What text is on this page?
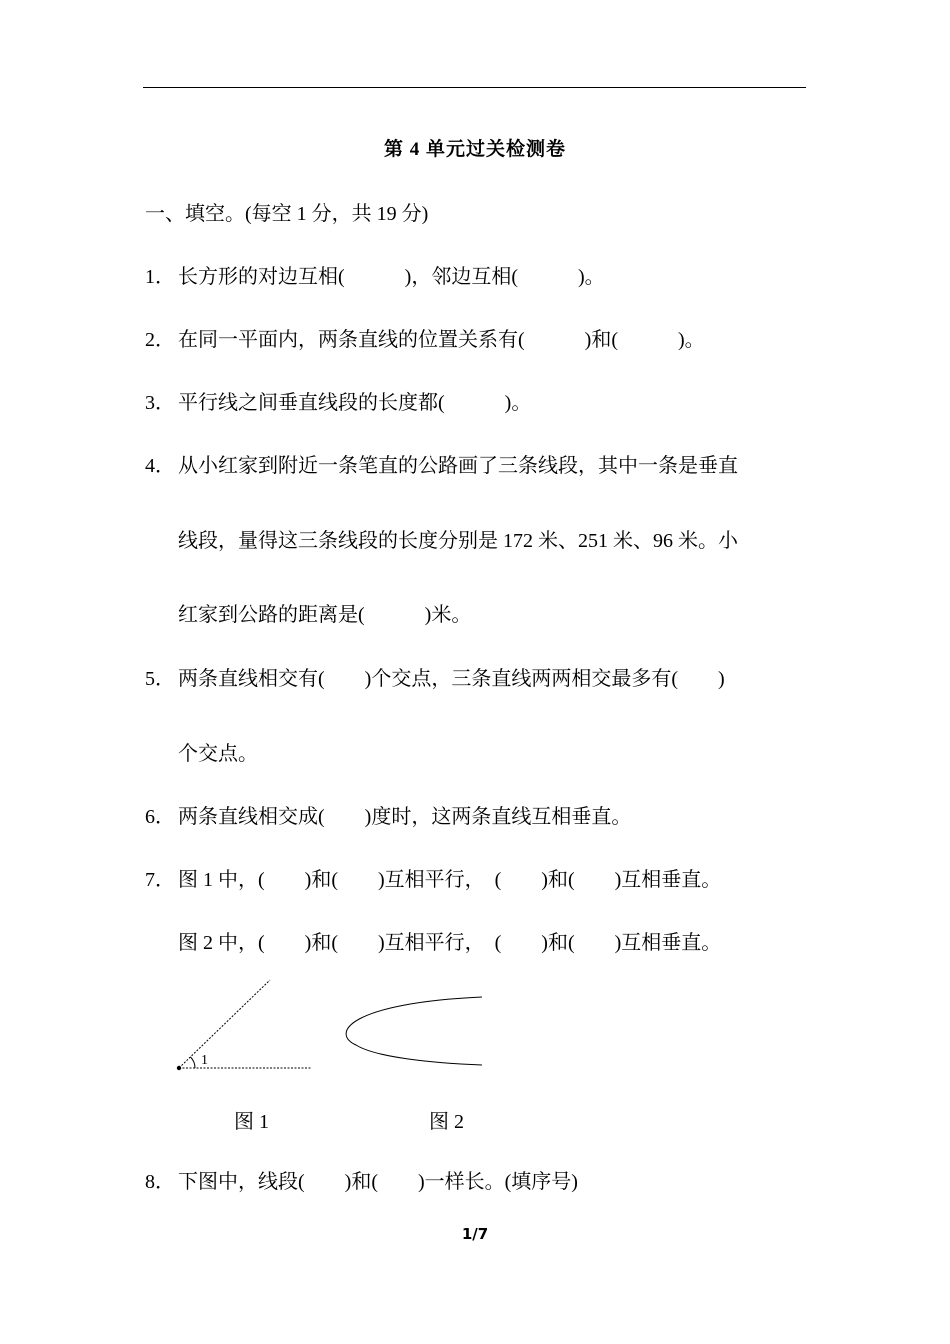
第 4 单元过关检测卷
一、填空。(每空 1 分，共 19 分)
1． 长方形的对边互相(　　　)，邻边互相(　　　)。
2． 在同一平面内，两条直线的位置关系有(　　　)和(　　　)。
3． 平行线之间垂直线段的长度都(　　　)。
4． 从小红家到附近一条笔直的公路画了三条线段，其中一条是垂直
线段，量得这三条线段的长度分别是 172 米、251 米、96 米。小
红家到公路的距离是(　　　)米。
5． 两条直线相交有(　　)个交点，三条直线两两相交最多有(　　)
个交点。
6． 两条直线相交成(　　)度时，这两条直线互相垂直。
7． 图 1 中，(　　)和(　　)互相平行，　(　　)和(　　)互相垂直。
图 2 中，(　　)和(　　)互相平行，　(　　)和(　　)互相垂直。
1
图 1	图 2
8． 下图中，线段(　　)和(　　)一样长。(填序号)
1/7
